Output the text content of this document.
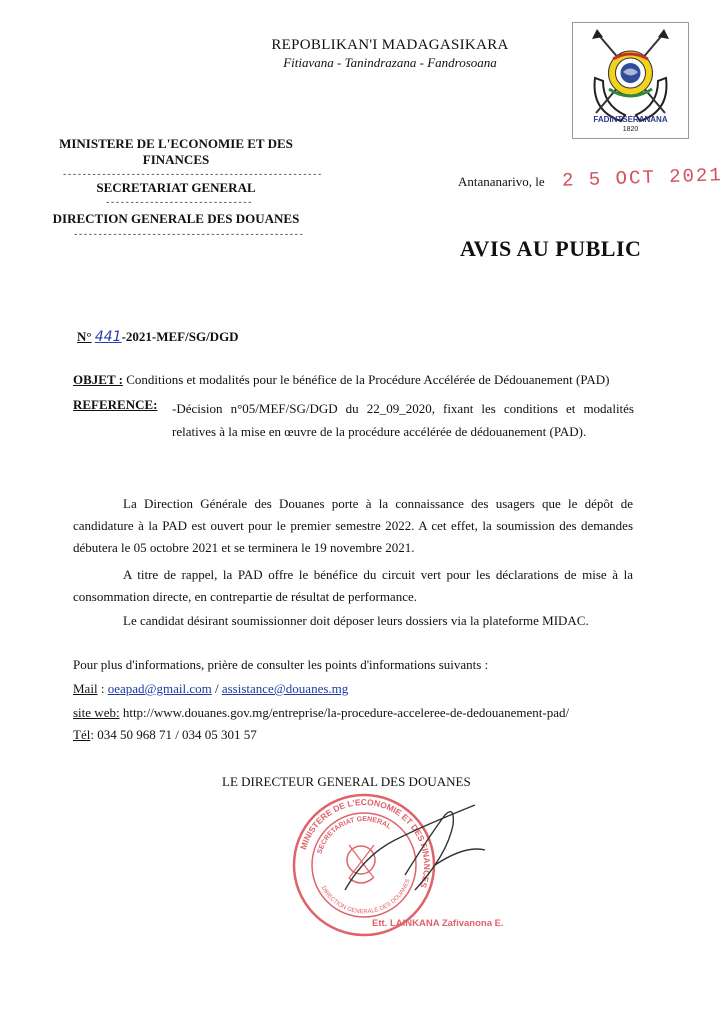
REPOBLIKAN'I MADAGASIKARA
Fitiavana - Tanindrazana - Fandrosoana
FADINTSERANANA
1820
MINISTERE DE L'ECONOMIE ET DES FINANCES
-----------------------------------------------------
SECRETARIAT GENERAL
------------------------------
DIRECTION GENERALE DES DOUANES
-----------------------------------------------
Antananarivo, le 2 5 OCT 2021
AVIS AU PUBLIC
N° 441-2021-MEF/SG/DGD
OBJET : Conditions et modalités pour le bénéfice de la Procédure Accélérée de Dédouanement (PAD)
REFERENCE: -Décision n°05/MEF/SG/DGD du 22_09_2020, fixant les conditions et modalités relatives à la mise en œuvre de la procédure accélérée de dédouanement (PAD).
La Direction Générale des Douanes porte à la connaissance des usagers que le dépôt de candidature à la PAD est ouvert pour le premier semestre 2022. A cet effet, la soumission des demandes débutera le 05 octobre 2021 et se terminera le 19 novembre 2021.
A titre de rappel, la PAD offre le bénéfice du circuit vert pour les déclarations de mise à la consommation directe, en contrepartie de résultat de performance.
Le candidat désirant soumissionner doit déposer leurs dossiers via la plateforme MIDAC.
Pour plus d'informations, prière de consulter les points d'informations suivants :
Mail : oeapad@gmail.com / assistance@douanes.mg
site web: http://www.douanes.gov.mg/entreprise/la-procedure-acceleree-de-dedouanement-pad/
Tél: 034 50 968 71 / 034 05 301 57
LE DIRECTEUR GENERAL DES DOUANES
MINISTERE DE L'ECONOMIE ET DES FINANCES
SECRETARIAT GENERAL
DIRECTION GENERALE DES DOUANES
Ett. LAINKANA Zafivanona E.
